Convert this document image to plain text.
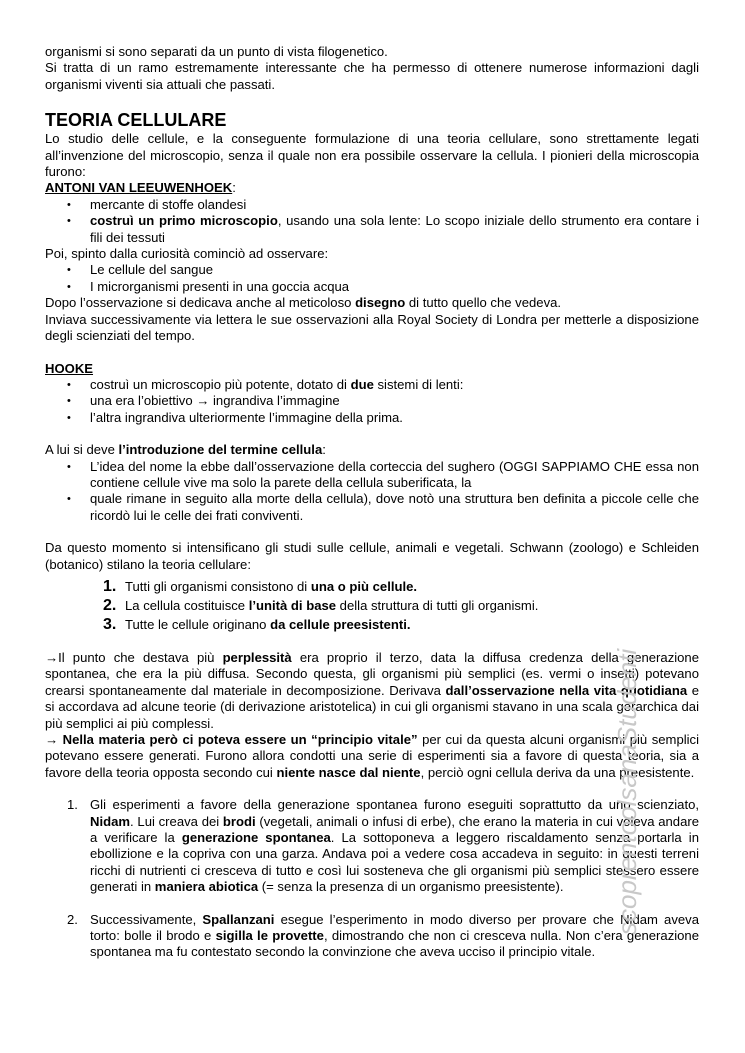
organismi si sono separati da un punto di vista filogenetico.

Si tratta di un ramo estremamente interessante che ha permesso di ottenere numerose informazioni dagli organismi viventi sia attuali che passati.

TEORIA CELLULARE

Lo studio delle cellule, e la conseguente formulazione di una teoria cellulare, sono strettamente legati all’invenzione del microscopio, senza il quale non era possibile osservare la cellula. I pionieri della microscopia furono:

ANTONI VAN LEEUWENHOEK:

• mercante di stoffe olandesi
• costruì un primo microscopio, usando una sola lente: Lo scopo iniziale dello strumento era contare i fili dei tessuti

Poi, spinto dalla curiosità cominciò ad osservare:

• Le cellule del sangue
• I microrganismi presenti in una goccia acqua

Dopo l’osservazione si dedicava anche al meticoloso disegno di tutto quello che vedeva.

Inviava successivamente via lettera le sue osservazioni alla Royal Society di Londra per metterle a disposizione degli scienziati del tempo.

HOOKE

• costruì un microscopio più potente, dotato di due sistemi di lenti:
• una era l’obiettivo → ingrandiva l’immagine
• l’altra ingrandiva ulteriormente l’immagine della prima.

A lui si deve l’introduzione del termine cellula:

• L’idea del nome la ebbe dall’osservazione della corteccia del sughero (OGGI SAPPIAMO CHE essa non contiene cellule vive ma solo la parete della cellula suberificata, la
• quale rimane in seguito alla morte della cellula), dove notò una struttura ben definita a piccole celle che ricordò lui le celle dei frati conviventi.

Da questo momento si intensificano gli studi sulle cellule, animali e vegetali. Schwann (zoologo) e Schleiden (botanico) stilano la teoria cellulare:

1. Tutti gli organismi consistono di una o più cellule.
2. La cellula costituisce l’unità di base della struttura di tutti gli organismi.
3. Tutte le cellule originano da cellule preesistenti.

→Il punto che destava più perplessità era proprio il terzo, data la diffusa credenza della generazione spontanea, che era la più diffusa. Secondo questa, gli organismi più semplici (es. vermi o insetti) potevano crearsi spontaneamente dal materiale in decomposizione. Derivava dall’osservazione nella vita quotidiana e si accordava ad alcune teorie (di derivazione aristotelica) in cui gli organismi stavano in una scala gerarchica dai più semplici ai più complessi.

→ Nella materia però ci poteva essere un “principio vitale” per cui da questa alcuni organismi più semplici potevano essere generati. Furono allora condotti una serie di esperimenti sia a favore di questa teoria, sia a favore della teoria opposta secondo cui niente nasce dal niente, perciò ogni cellula deriva da una preesistente.

1. Gli esperimenti a favore della generazione spontanea furono eseguiti soprattutto da uno scienziato, Nidam. Lui creava dei brodi (vegetali, animali o infusi di erbe), che erano la materia in cui voleva andare a verificare la generazione spontanea. La sottoponeva a leggero riscaldamento senza portarla in ebollizione e la copriva con una garza. Andava poi a vedere cosa accadeva in seguito: in questi terreni ricchi di nutrienti ci cresceva di tutto e così lui sosteneva che gli organismi più semplici stessero essere generati in maniera abiotica (= senza la presenza di un organismo preesistente).
2. Successivamente, Spallanzani esegue l’esperimento in modo diverso per provare che Nidam aveva torto: bolle il brodo e sigilla le provette, dimostrando che non ci cresceva nulla. Non c’era generazione spontanea ma fu contestato secondo la convinzione che aveva ucciso il principio vitale.
scoprentoolsanaStudenti
